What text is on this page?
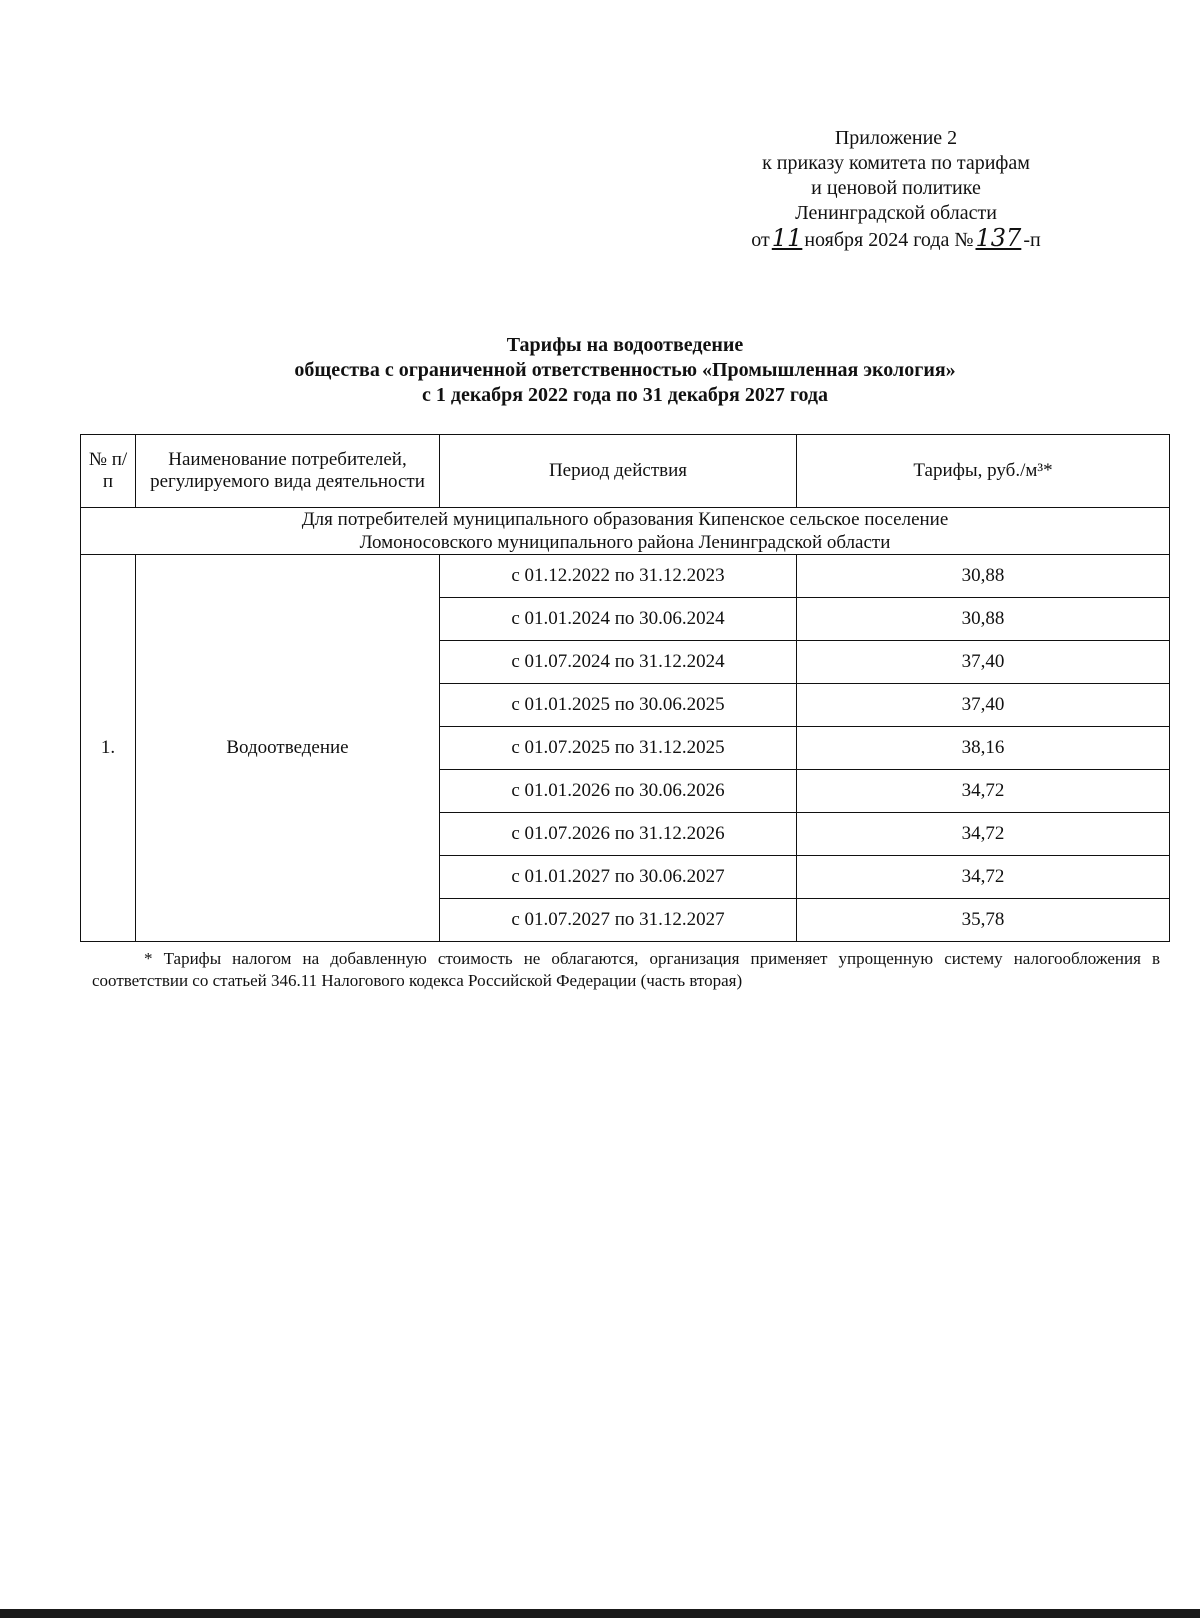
Приложение 2
к приказу комитета по тарифам
и ценовой политике
Ленинградской области
от11 ноября 2024 года №137 -п
Тарифы на водоотведение
общества с ограниченной ответственностью «Промышленная экология»
с 1 декабря 2022 года по 31 декабря 2027 года
№ п/п	Наименование потребителей, регулируемого вида деятельности	Период действия	Тарифы, руб./м³*

Для потребителей муниципального образования Кипенское сельское поселение
Ломоносовского муниципального района Ленинградской области			

1.	Водоотведение	с 01.12.2022 по 31.12.2023	30,88
		с 01.01.2024 по 30.06.2024	30,88
		с 01.07.2024 по 31.12.2024	37,40
		с 01.01.2025 по 30.06.2025	37,40
		с 01.07.2025 по 31.12.2025	38,16
		с 01.01.2026 по 30.06.2026	34,72
		с 01.07.2026 по 31.12.2026	34,72
		с 01.01.2027 по 30.06.2027	34,72
		с 01.07.2027 по 31.12.2027	35,78
* Тарифы налогом на добавленную стоимость не облагаются, организация применяет упрощенную систему налогообложения в соответствии со статьей 346.11 Налогового кодекса Российской Федерации (часть вторая)
